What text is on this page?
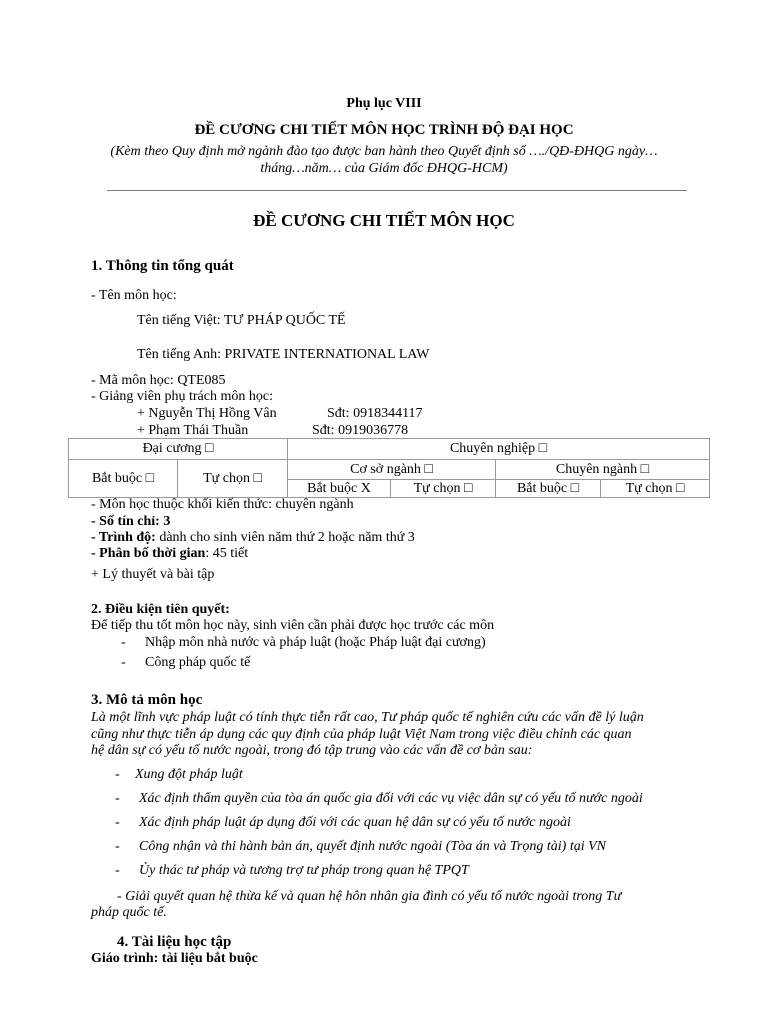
Phụ lục VIII
ĐỀ CƯƠNG CHI TIẾT MÔN HỌC TRÌNH ĐỘ ĐẠI HỌC
(Kèm theo Quy định mở ngành đào tạo được ban hành theo Quyết định số …./QĐ-ĐHQG ngày…
tháng…năm… của Giám đốc ĐHQG-HCM)
ĐỀ CƯƠNG CHI TIẾT MÔN HỌC
1. Thông tin tổng quát
- Tên môn học:
Tên tiếng Việt: TƯ PHÁP QUỐC TẾ
Tên tiếng Anh: PRIVATE INTERNATIONAL LAW
- Mã môn học: QTE085
- Giảng viên phụ trách môn học:
+ Nguyễn Thị Hồng Vân	Sđt: 0918344117
+ Phạm Thái Thuần	Sđt: 0919036778
Đại cương □		Chuyên nghiệp □			
Bắt buộc □	Tự chọn □	Cơ sở ngành □		Chuyên ngành □	
		Bắt buộc X	Tự chọn □	Bắt buộc □	Tự chọn □
- Môn học thuộc khối kiến thức: chuyên ngành
- Số tín chỉ: 3
- Trình độ: dành cho sinh viên năm thứ 2 hoặc năm thứ 3
- Phân bố thời gian: 45 tiết
+ Lý thuyết và bài tập
2. Điều kiện tiên quyết:
Để tiếp thu tốt môn học này, sinh viên cần phải được học trước các môn
- Nhập môn nhà nước và pháp luật (hoặc Pháp luật đại cương)
- Công pháp quốc tế
3. Mô tả môn học
Là một lĩnh vực pháp luật có tính thực tiễn rất cao, Tư pháp quốc tế nghiên cứu các vấn đề lý luận
cũng như thực tiễn áp dụng các quy định của pháp luật Việt Nam trong việc điều chỉnh các quan
hệ dân sự có yếu tố nước ngoài, trong đó tập trung vào các vấn đề cơ bản sau:
- Xung đột pháp luật
- Xác định thẩm quyền của tòa án quốc gia đối với các vụ việc dân sự có yếu tố nước ngoài
- Xác định pháp luật áp dụng đối với các quan hệ dân sự có yếu tố nước ngoài
- Công nhận và thi hành bản án, quyết định nước ngoài (Tòa án và Trọng tài) tại VN
- Ủy thác tư pháp và tương trợ tư pháp trong quan hệ TPQT
- Giải quyết quan hệ thừa kế và quan hệ hôn nhân gia đình có yếu tố nước ngoài trong Tư
pháp quốc tế.
4. Tài liệu học tập
Giáo trình: tài liệu bắt buộc
